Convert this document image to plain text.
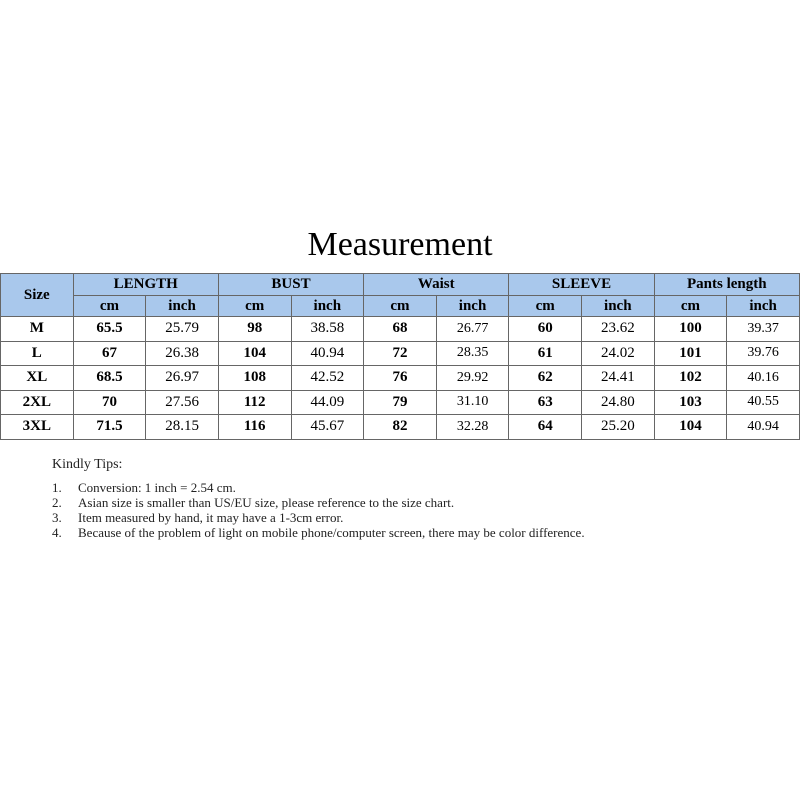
Measurement
Size	LENGTH		BUST		Waist		SLEEVE		Pants length	
	cm	inch	cm	inch	cm	inch	cm	inch	cm	inch
M	65.5	25.79	98	38.58	68	26.77	60	23.62	100	39.37
L	67	26.38	104	40.94	72	28.35	61	24.02	101	39.76
XL	68.5	26.97	108	42.52	76	29.92	62	24.41	102	40.16
2XL	70	27.56	112	44.09	79	31.10	63	24.80	103	40.55
3XL	71.5	28.15	116	45.67	82	32.28	64	25.20	104	40.94
Kindly Tips:
1.	Conversion: 1 inch = 2.54 cm.
2.	Asian size is smaller than US/EU size, please reference to the size chart.
3.	Item measured by hand, it may have a 1-3cm error.
4.	Because of the problem of light on mobile phone/computer screen, there may be color difference.
